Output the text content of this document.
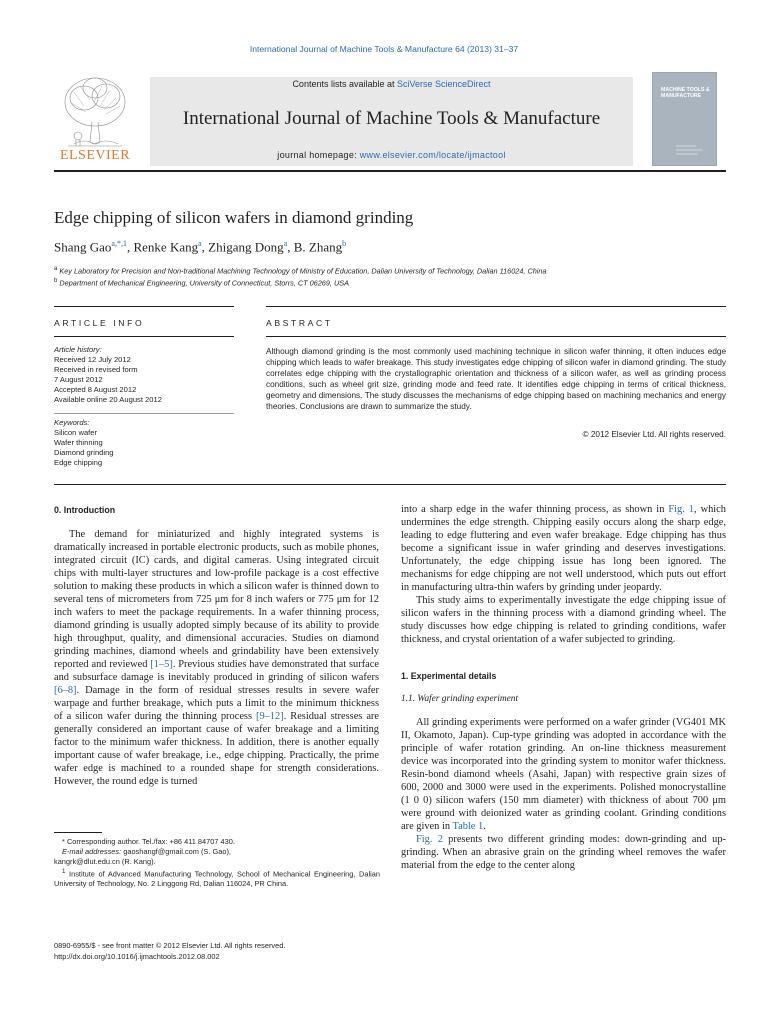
International Journal of Machine Tools & Manufacture 64 (2013) 31–37
ELSEVIER
Contents lists available at SciVerse ScienceDirect
International Journal of Machine Tools & Manufacture
journal homepage: www.elsevier.com/locate/ijmactool
MACHINE TOOLS & MANUFACTURE
Edge chipping of silicon wafers in diamond grinding
Shang Gao$^{a,*,1}$, Renke Kang$^a$, Zhigang Dong$^a$, B. Zhang$^b$
$^a$ Key Laboratory for Precision and Non-traditional Machining Technology of Ministry of Education, Dalian University of Technology, Dalian 116024, China
$^b$ Department of Mechanical Engineering, University of Connecticut, Storrs, CT 06269, USA
ARTICLE INFO	ABSTRACT
Article history:
Received 12 July 2012
Received in revised form
7 August 2012
Accepted 8 August 2012
Available online 20 August 2012
Keywords:
Silicon wafer
Wafer thinning
Diamond grinding
Edge chipping
Although diamond grinding is the most commonly used machining technique in silicon wafer thinning, it often induces edge chipping which leads to wafer breakage. This study investigates edge chipping of silicon wafer in diamond grinding. The study correlates edge chipping with the crystallographic orientation and thickness of a silicon wafer, as well as grinding process conditions, such as wheel grit size, grinding mode and feed rate. It identifies edge chipping in terms of critical thickness, geometry and dimensions. The study discusses the mechanisms of edge chipping based on machining mechanics and energy theories. Conclusions are drawn to summarize the study.
© 2012 Elsevier Ltd. All rights reserved.
0. Introduction

The demand for miniaturized and highly integrated systems is dramatically increased in portable electronic products, such as mobile phones, integrated circuit (IC) cards, and digital cameras. Using integrated circuit chips with multi-layer structures and low-profile package is a cost effective solution to making these products in which a silicon wafer is thinned down to several tens of micrometers from 725 μm for 8 inch wafers or 775 μm for 12 inch wafers to meet the package requirements. In a wafer thinning process, diamond grinding is usually adopted simply because of its ability to provide high throughput, quality, and dimensional accuracies. Studies on diamond grinding machines, diamond wheels and grindability have been extensively reported and reviewed [1–5]. Previous studies have demonstrated that surface and subsurface damage is inevitably produced in grinding of silicon wafers [6–8]. Damage in the form of residual stresses results in severe wafer warpage and further breakage, which puts a limit to the minimum thickness of a silicon wafer during the thinning process [9–12]. Residual stresses are generally considered an important cause of wafer breakage and a limiting factor to the minimum wafer thickness. In addition, there is another equally important cause of wafer breakage, i.e., edge chipping. Practically, the prime wafer edge is machined to a rounded shape for strength considerations. However, the round edge is turned

* Corresponding author. Tel./fax: +86 411 84707 430.
E-mail addresses: gaoshangf@gmail.com (S. Gao),
kangrk@dlut.edu.cn (R. Kang).
$^1$ Institute of Advanced Manufacturing Technology, School of Mechanical Engineering, Dalian University of Technology, No. 2 Linggong Rd, Dalian 116024, PR China.
0890-6955/$ - see front matter © 2012 Elsevier Ltd. All rights reserved.
http://dx.doi.org/10.1016/j.ijmachtools.2012.08.002

into a sharp edge in the wafer thinning process, as shown in Fig. 1, which undermines the edge strength. Chipping easily occurs along the sharp edge, leading to edge fluttering and even wafer breakage. Edge chipping has thus become a significant issue in wafer grinding and deserves investigations. Unfortunately, the edge chipping issue has long been ignored. The mechanisms for edge chipping are not well understood, which puts out effort in manufacturing ultra-thin wafers by grinding under jeopardy.

This study aims to experimentally investigate the edge chipping issue of silicon wafers in the thinning process with a diamond grinding wheel. The study discusses how edge chipping is related to grinding conditions, wafer thickness, and crystal orientation of a wafer subjected to grinding.

1. Experimental details
1.1. Wafer grinding experiment

All grinding experiments were performed on a wafer grinder (VG401 MK II, Okamoto, Japan). Cup-type grinding was adopted in accordance with the principle of wafer rotation grinding. An on-line thickness measurement device was incorporated into the grinding system to monitor wafer thickness. Resin-bond diamond wheels (Asahi, Japan) with respective grain sizes of 600, 2000 and 3000 were used in the experiments. Polished monocrystalline (1 0 0) silicon wafers (150 mm diameter) with thickness of about 700 μm were ground with deionized water as grinding coolant. Grinding conditions are given in Table 1.

Fig. 2 presents two different grinding modes: down-grinding and up-grinding. When an abrasive grain on the grinding wheel removes the wafer material from the edge to the center along
